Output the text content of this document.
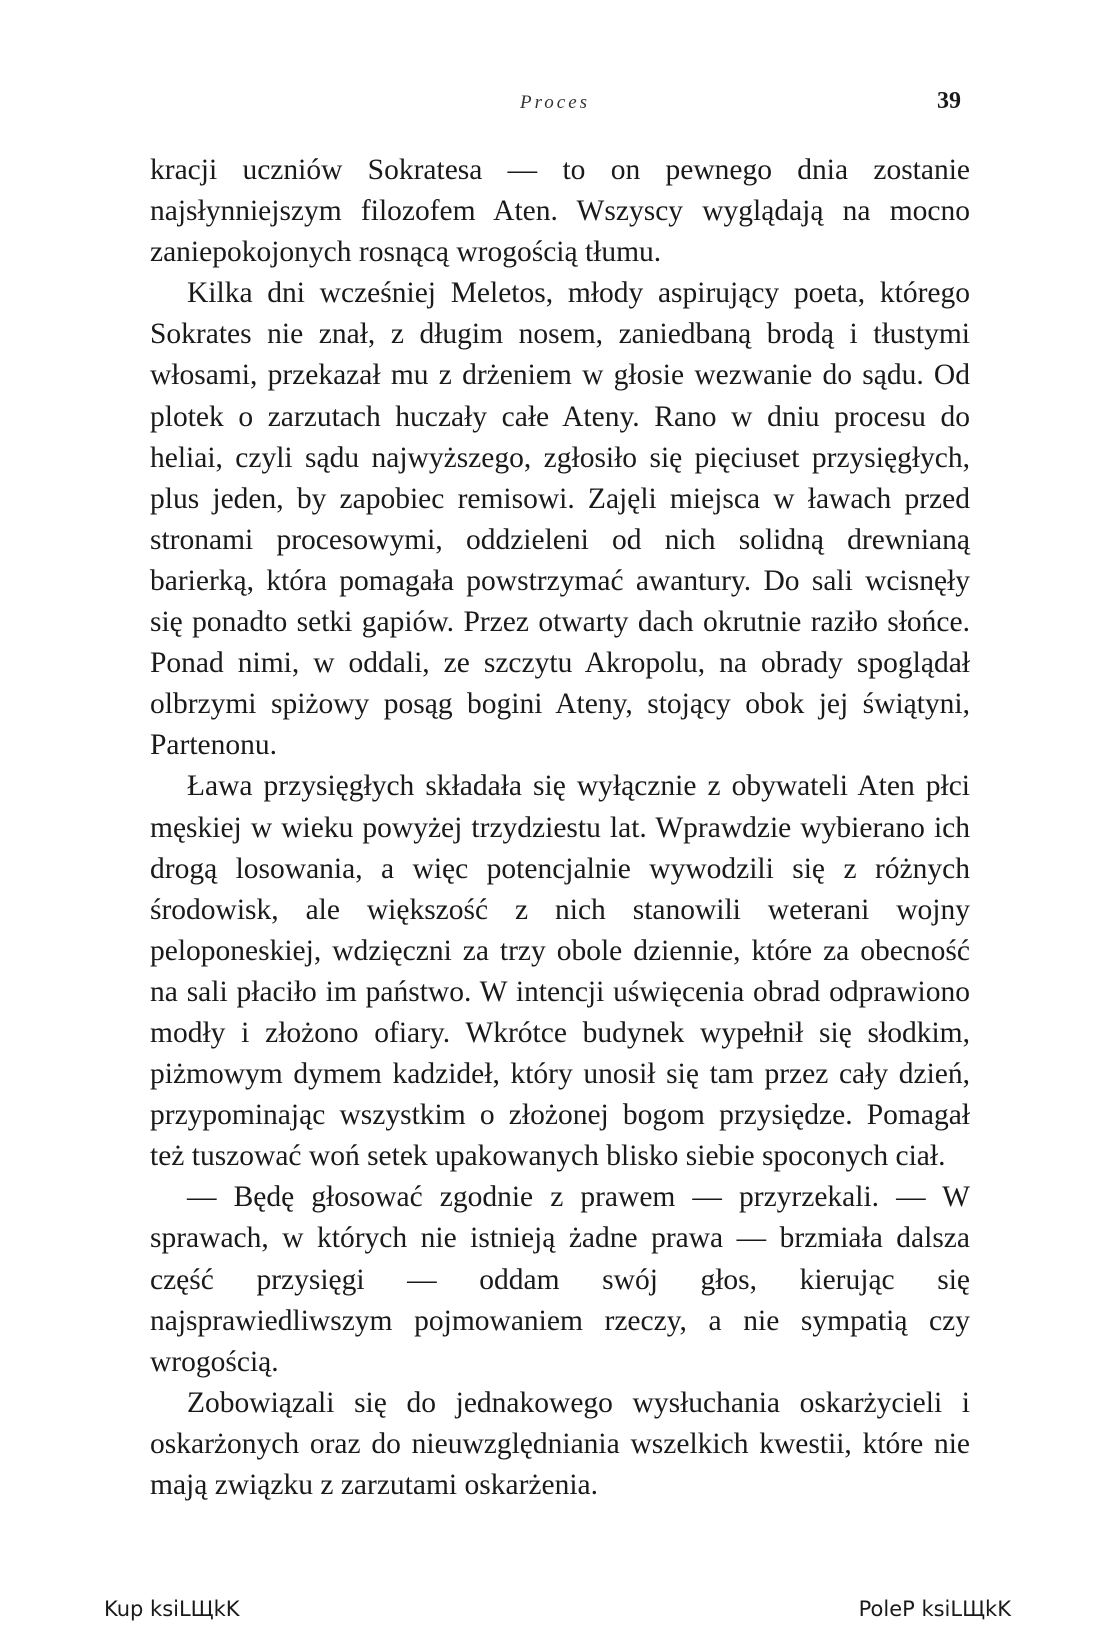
Proces	39

kracji uczniów Sokratesa — to on pewnego dnia zostanie najsłynniejszym filozofem Aten. Wszyscy wyglądają na mocno zaniepokojonych rosnącą wrogością tłumu.

Kilka dni wcześniej Meletos, młody aspirujący poeta, którego Sokrates nie znał, z długim nosem, zaniedbaną brodą i tłustymi włosami, przekazał mu z drżeniem w głosie wezwanie do sądu. Od plotek o zarzutach huczały całe Ateny. Rano w dniu procesu do heliai, czyli sądu najwyższego, zgłosiło się pięciuset przysięgłych, plus jeden, by zapobiec remisowi. Zajęli miejsca w ławach przed stronami procesowymi, oddzieleni od nich solidną drewnianą barierką, która pomagała powstrzymać awantury. Do sali wcisnęły się ponadto setki gapiów. Przez otwarty dach okrutnie raziło słońce. Ponad nimi, w oddali, ze szczytu Akropolu, na obrady spoglądał olbrzymi spiżowy posąg bogini Ateny, stojący obok jej świątyni, Partenonu.

Ława przysięgłych składała się wyłącznie z obywateli Aten płci męskiej w wieku powyżej trzydziestu lat. Wprawdzie wybierano ich drogą losowania, a więc potencjalnie wywodzili się z różnych środowisk, ale większość z nich stanowili weterani wojny peloponeskiej, wdzięczni za trzy obole dziennie, które za obecność na sali płaciło im państwo. W intencji uświęcenia obrad odprawiono modły i złożono ofiary. Wkrótce budynek wypełnił się słodkim, piżmowym dymem kadzideł, który unosił się tam przez cały dzień, przypominając wszystkim o złożonej bogom przysiędze. Pomagał też tuszować woń setek upakowanych blisko siebie spoconych ciał.

— Będę głosować zgodnie z prawem — przyrzekali. — W sprawach, w których nie istnieją żadne prawa — brzmiała dalsza część przysięgi — oddam swój głos, kierując się najsprawiedliwszym pojmowaniem rzeczy, a nie sympatią czy wrogością.

Zobowiązali się do jednakowego wysłuchania oskarżycieli i oskarżonych oraz do nieuwzględniania wszelkich kwestii, które nie mają związku z zarzutami oskarżenia.

Kup ksiLЩkK	PoleP ksiLЩkK
